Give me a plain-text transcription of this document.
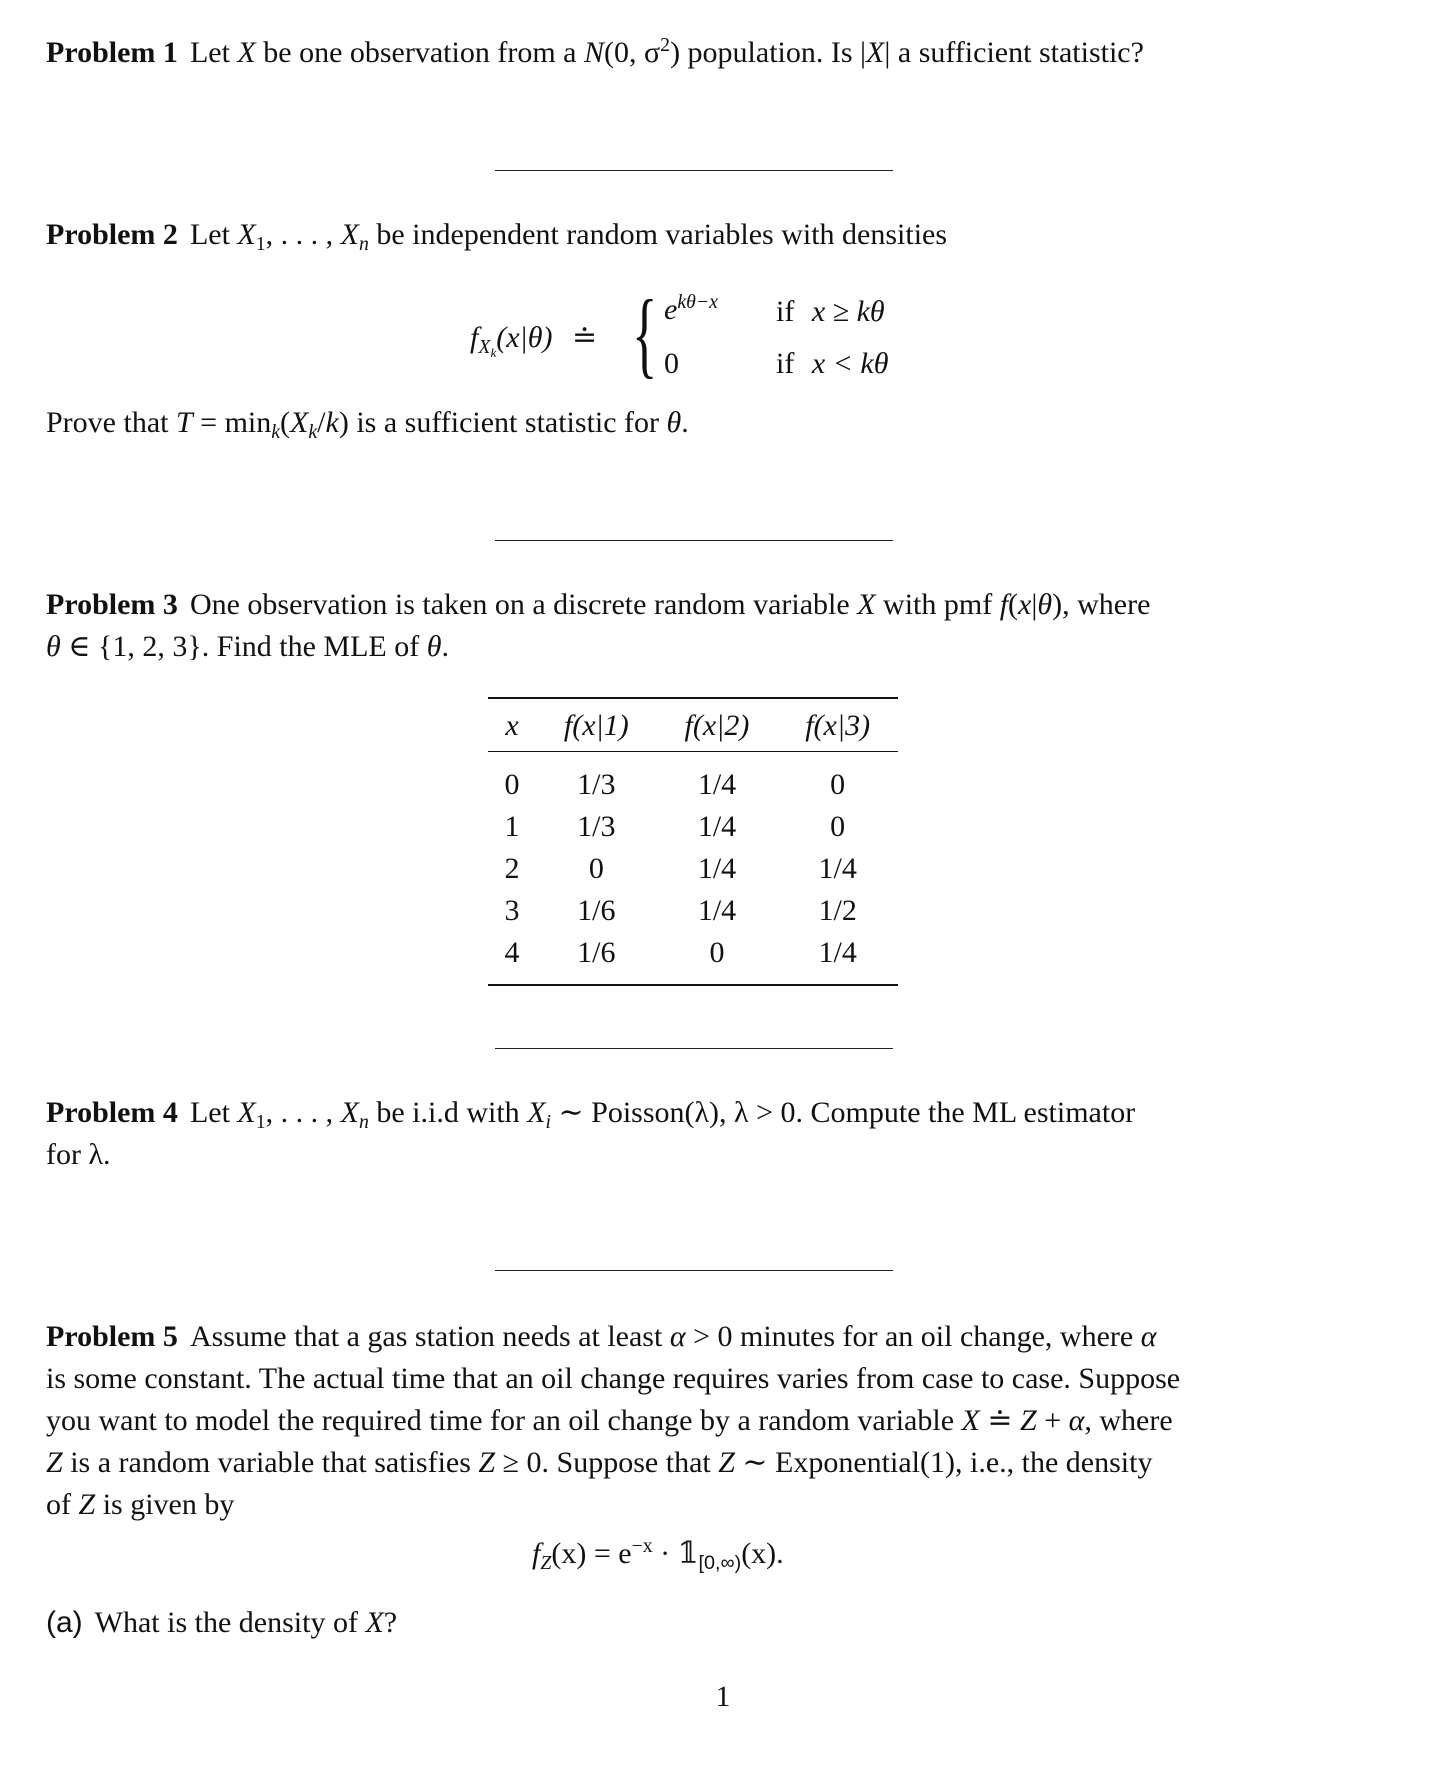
Problem 1 Let X be one observation from a N(0, $\sigma^2$) population. Is |X| a sufficient statistic?
Problem 2 Let $X_1$, . . . , $X_n$ be independent random variables with densities
$f_{X_k}(x|\theta)$ ≐ { $e^{k\theta-x}$ if x ≥ kθ
0	if x < kθ
Prove that $T = \min_k(X_k/k)$ is a sufficient statistic for θ.
Problem 3 One observation is taken on a discrete random variable X with pmf f(x|θ), where
θ ∈ {1, 2, 3}. Find the MLE of θ.
x	f(x|1)	f(x|2)	f(x|3)
0	1/3	1/4	0
1	1/3	1/4	0
2	0	1/4	1/4
3	1/6	1/4	1/2
4	1/6	0	1/4
Problem 4 Let $X_1$, . . . , $X_n$ be i.i.d with $X_i$ ∼ Poisson(λ), λ > 0. Compute the ML estimator
for λ.
Problem 5 Assume that a gas station needs at least α > 0 minutes for an oil change, where α
is some constant. The actual time that an oil change requires varies from case to case. Suppose
you want to model the required time for an oil change by a random variable X ≐ Z + α, where
Z is a random variable that satisfies Z ≥ 0. Suppose that Z ∼ Exponential(1), i.e., the density
of Z is given by
$f_Z(x) = e^{-x}$ · $𝟙_{[0,\infty)}(x)$.
(a) What is the density of X?
1
